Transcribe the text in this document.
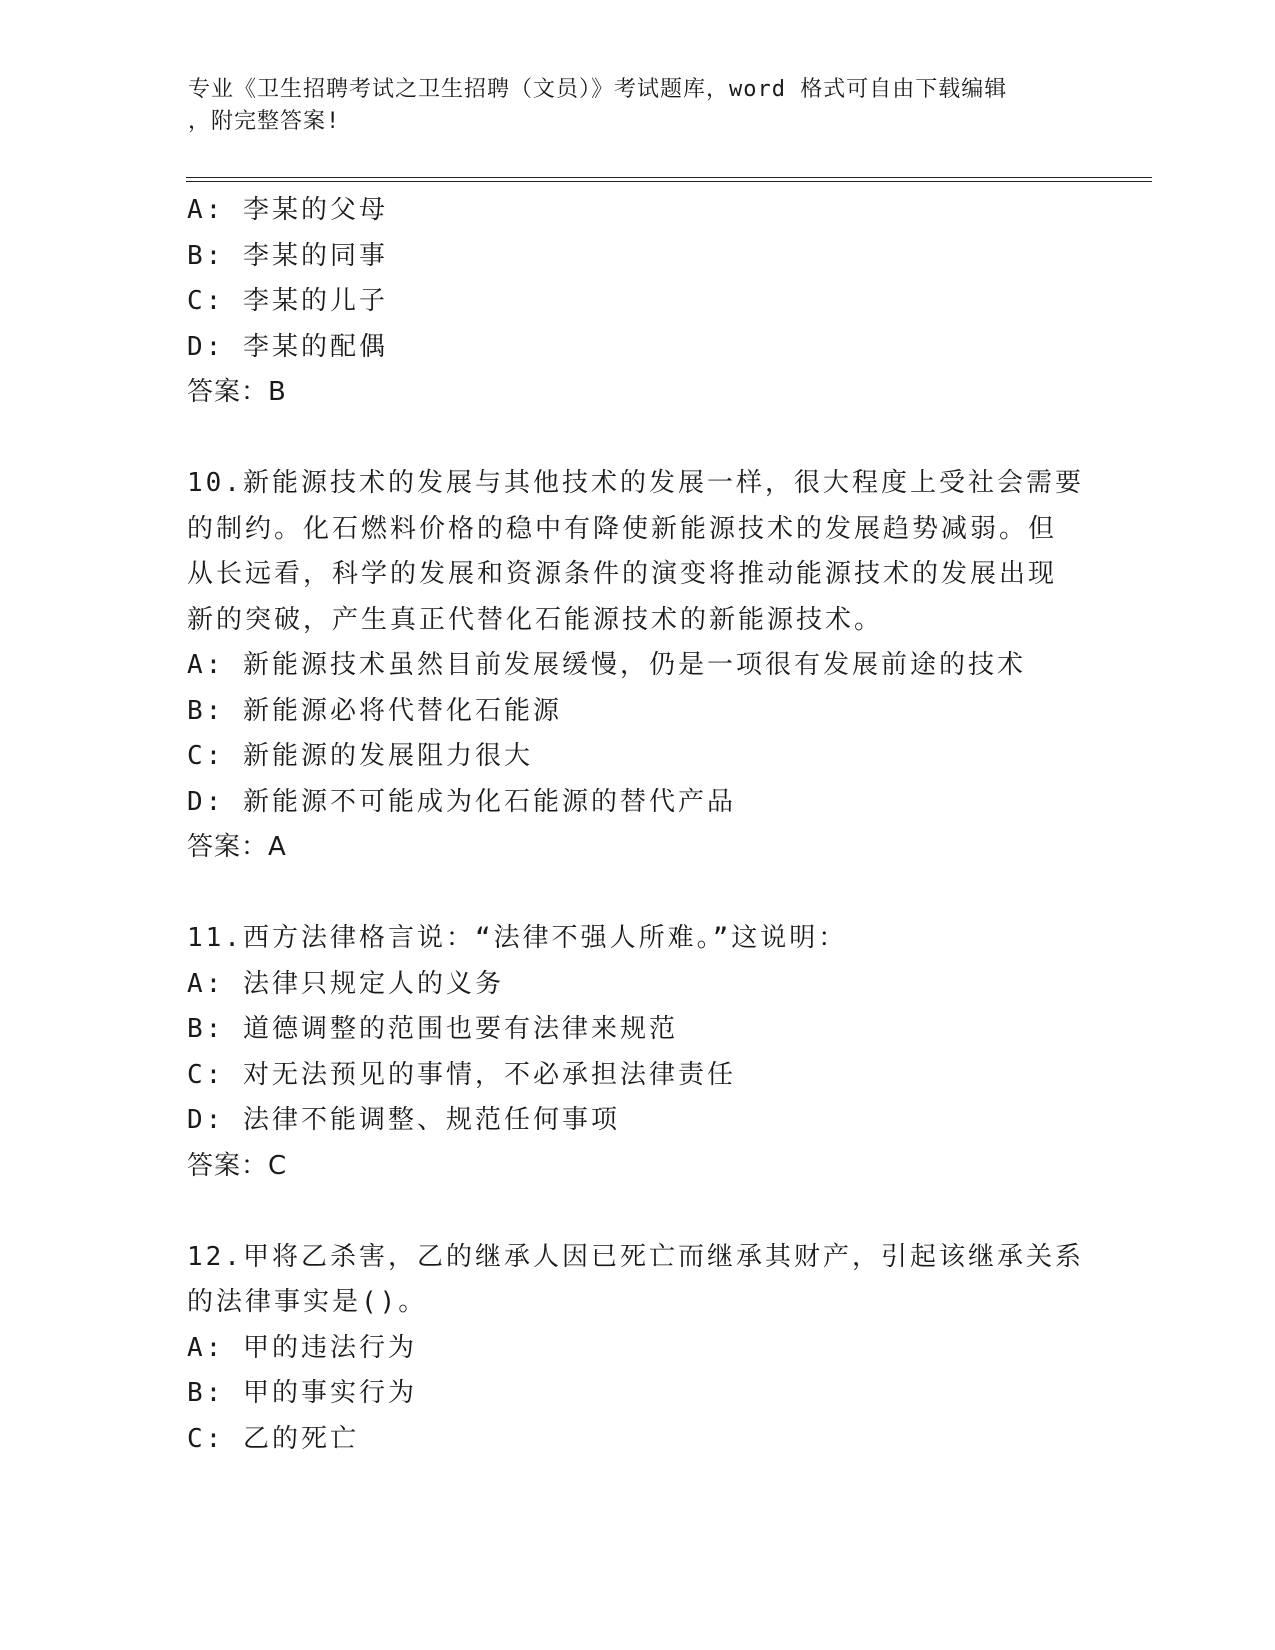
专业《卫生招聘考试之卫生招聘（文员）》考试题库，word 格式可自由下载编辑
，附完整答案!
A: 李某的父母
B: 李某的同事
C: 李某的儿子
D: 李某的配偶
答案：B
10.新能源技术的发展与其他技术的发展一样，很大程度上受社会需要
的制约。化石燃料价格的稳中有降使新能源技术的发展趋势减弱。但
从长远看，科学的发展和资源条件的演变将推动能源技术的发展出现
新的突破，产生真正代替化石能源技术的新能源技术。
A: 新能源技术虽然目前发展缓慢，仍是一项很有发展前途的技术
B: 新能源必将代替化石能源
C: 新能源的发展阻力很大
D: 新能源不可能成为化石能源的替代产品
答案：A
11.西方法律格言说：“法律不强人所难。”这说明：
A: 法律只规定人的义务
B: 道德调整的范围也要有法律来规范
C: 对无法预见的事情，不必承担法律责任
D: 法律不能调整、规范任何事项
答案：C
12.甲将乙杀害，乙的继承人因已死亡而继承其财产，引起该继承关系
的法律事实是()。
A: 甲的违法行为
B: 甲的事实行为
C: 乙的死亡
